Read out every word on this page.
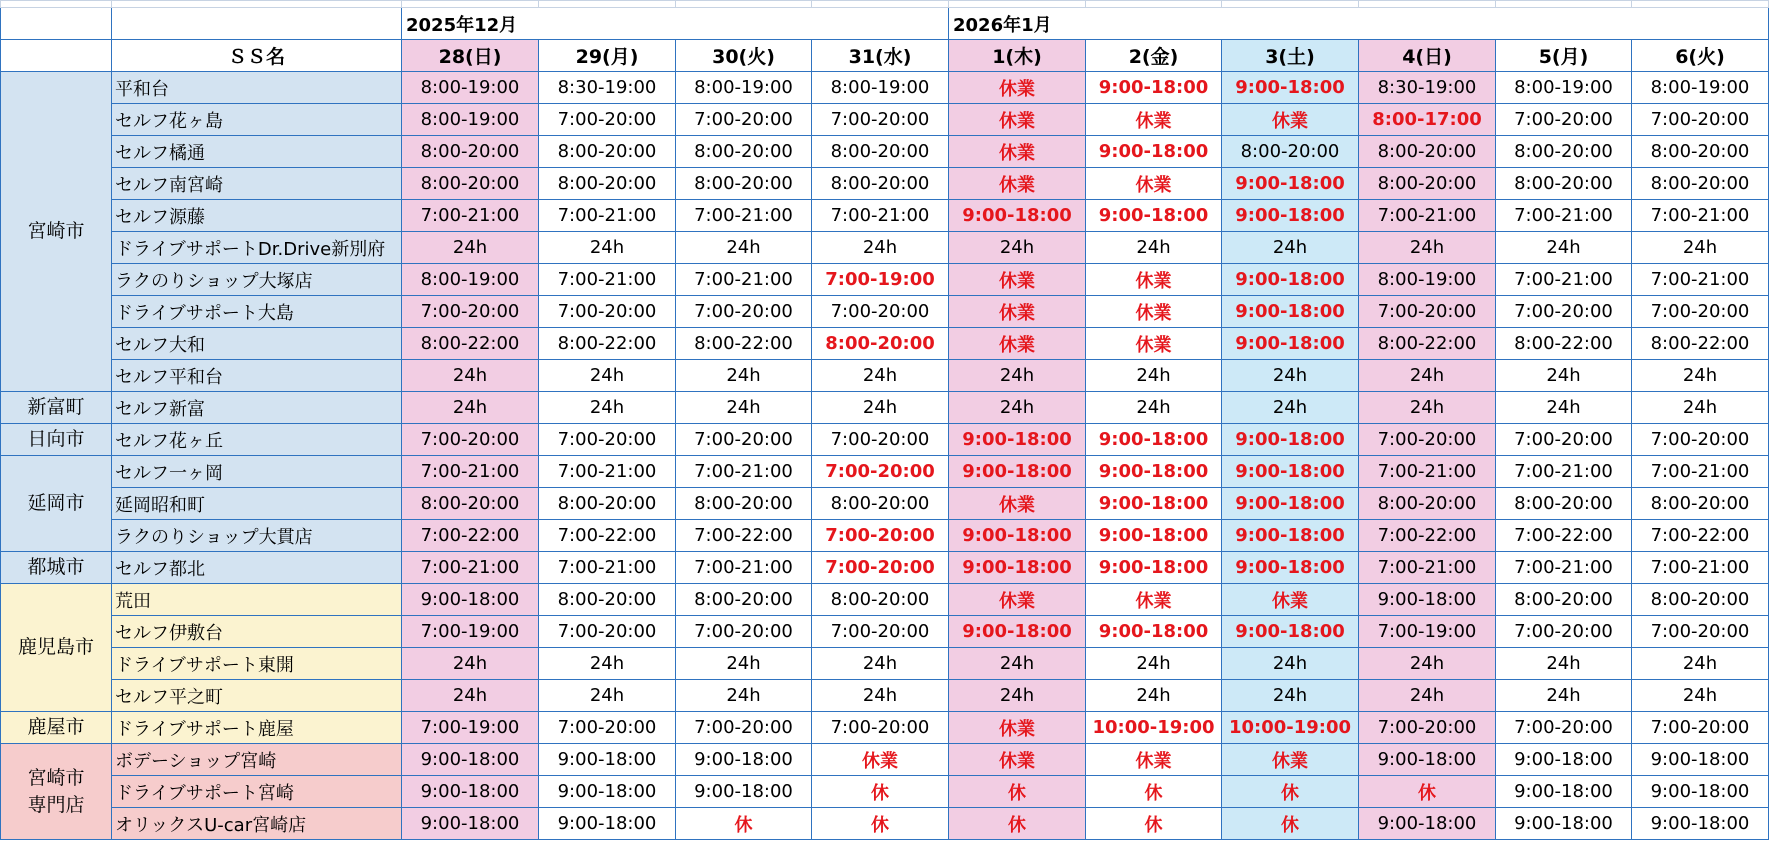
		2025年12月				2026年1月					
	ＳＳ名	28(日)	29(月)	30(火)	31(水)	1(木)	2(金)	3(土)	4(日)	5(月)	6(火)
宮崎市	平和台	8:00-19:00	8:30-19:00	8:00-19:00	8:00-19:00	休業	9:00-18:00	9:00-18:00	8:30-19:00	8:00-19:00	8:00-19:00
	セルフ花ヶ島	8:00-19:00	7:00-20:00	7:00-20:00	7:00-20:00	休業	休業	休業	8:00-17:00	7:00-20:00	7:00-20:00
	セルフ橘通	8:00-20:00	8:00-20:00	8:00-20:00	8:00-20:00	休業	9:00-18:00	8:00-20:00	8:00-20:00	8:00-20:00	8:00-20:00
	セルフ南宮崎	8:00-20:00	8:00-20:00	8:00-20:00	8:00-20:00	休業	休業	9:00-18:00	8:00-20:00	8:00-20:00	8:00-20:00
	セルフ源藤	7:00-21:00	7:00-21:00	7:00-21:00	7:00-21:00	9:00-18:00	9:00-18:00	9:00-18:00	7:00-21:00	7:00-21:00	7:00-21:00
	ドライブサポートDr.Drive新別府	24h	24h	24h	24h	24h	24h	24h	24h	24h	24h
	ラクのりショップ大塚店	8:00-19:00	7:00-21:00	7:00-21:00	7:00-19:00	休業	休業	9:00-18:00	8:00-19:00	7:00-21:00	7:00-21:00
	ドライブサポート大島	7:00-20:00	7:00-20:00	7:00-20:00	7:00-20:00	休業	休業	9:00-18:00	7:00-20:00	7:00-20:00	7:00-20:00
	セルフ大和	8:00-22:00	8:00-22:00	8:00-22:00	8:00-20:00	休業	休業	9:00-18:00	8:00-22:00	8:00-22:00	8:00-22:00
	セルフ平和台	24h	24h	24h	24h	24h	24h	24h	24h	24h	24h
新富町	セルフ新富	24h	24h	24h	24h	24h	24h	24h	24h	24h	24h
日向市	セルフ花ヶ丘	7:00-20:00	7:00-20:00	7:00-20:00	7:00-20:00	9:00-18:00	9:00-18:00	9:00-18:00	7:00-20:00	7:00-20:00	7:00-20:00
延岡市	セルフ一ヶ岡	7:00-21:00	7:00-21:00	7:00-21:00	7:00-20:00	9:00-18:00	9:00-18:00	9:00-18:00	7:00-21:00	7:00-21:00	7:00-21:00
	延岡昭和町	8:00-20:00	8:00-20:00	8:00-20:00	8:00-20:00	休業	9:00-18:00	9:00-18:00	8:00-20:00	8:00-20:00	8:00-20:00
	ラクのりショップ大貫店	7:00-22:00	7:00-22:00	7:00-22:00	7:00-20:00	9:00-18:00	9:00-18:00	9:00-18:00	7:00-22:00	7:00-22:00	7:00-22:00
都城市	セルフ都北	7:00-21:00	7:00-21:00	7:00-21:00	7:00-20:00	9:00-18:00	9:00-18:00	9:00-18:00	7:00-21:00	7:00-21:00	7:00-21:00
鹿児島市	荒田	9:00-18:00	8:00-20:00	8:00-20:00	8:00-20:00	休業	休業	休業	9:00-18:00	8:00-20:00	8:00-20:00
	セルフ伊敷台	7:00-19:00	7:00-20:00	7:00-20:00	7:00-20:00	9:00-18:00	9:00-18:00	9:00-18:00	7:00-19:00	7:00-20:00	7:00-20:00
	ドライブサポート東開	24h	24h	24h	24h	24h	24h	24h	24h	24h	24h
	セルフ平之町	24h	24h	24h	24h	24h	24h	24h	24h	24h	24h
鹿屋市	ドライブサポート鹿屋	7:00-19:00	7:00-20:00	7:00-20:00	7:00-20:00	休業	10:00-19:00	10:00-19:00	7:00-20:00	7:00-20:00	7:00-20:00
宮崎市
専門店	ボデーショップ宮崎	9:00-18:00	9:00-18:00	9:00-18:00	休業	休業	休業	休業	9:00-18:00	9:00-18:00	9:00-18:00
	ドライブサポート宮崎	9:00-18:00	9:00-18:00	9:00-18:00	休	休	休	休	休	9:00-18:00	9:00-18:00
	オリックスU-car宮崎店	9:00-18:00	9:00-18:00	休	休	休	休	休	9:00-18:00	9:00-18:00	9:00-18:00
